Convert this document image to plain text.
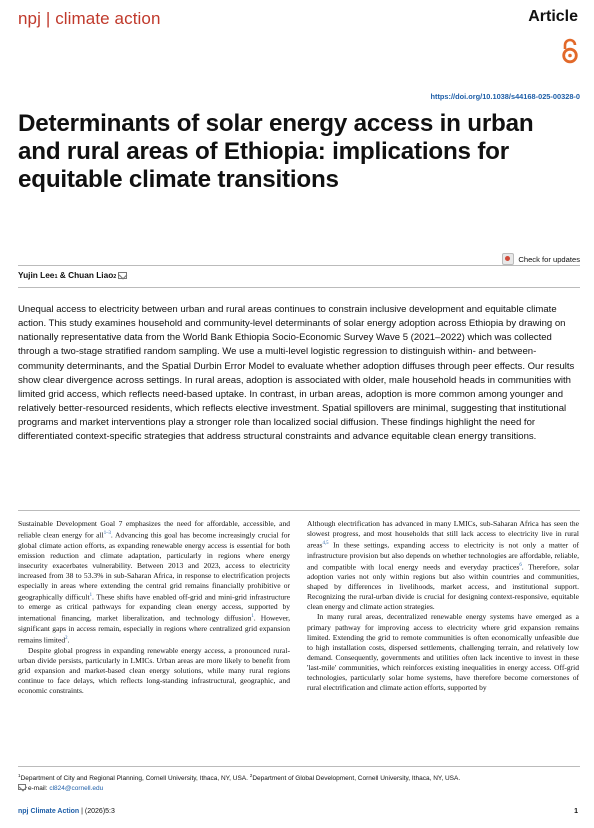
npj | climate action	Article
https://doi.org/10.1038/s44168-025-00328-0
Determinants of solar energy access in urban and rural areas of Ethiopia: implications for equitable climate transitions
Check for updates
Yujin Lee$_1$ & Chuan Liao$_2$

Unequal access to electricity between urban and rural areas continues to constrain inclusive development and equitable climate action. This study examines household and community-level determinants of solar energy adoption across Ethiopia by drawing on nationally representative data from the World Bank Ethiopia Socio-Economic Survey Wave 5 (2021–2022) which was collected through a two-stage stratified random sampling. We use a multi-level logistic regression to distinguish within- and between-community determinants, and the Spatial Durbin Error Model to evaluate whether adoption diffuses through peer effects. Our results show clear divergence across settings. In rural areas, adoption is associated with older, male household heads in communities with limited grid access, which reflects need-based uptake. In contrast, in urban areas, adoption is more common among younger and relatively better-resourced residents, which reflects elective investment. Spatial spillovers are minimal, suggesting that institutional programs and market interventions play a stronger role than localized social diffusion. These findings highlight the need for differentiated context-specific strategies that address structural constraints and advance equitable clean energy transitions.

Sustainable Development Goal 7 emphasizes the need for affordable, accessible, and reliable clean energy for all$^{1-3}$. Advancing this goal has become increasingly crucial for global climate action efforts, as expanding renewable energy access is essential for both emission reduction and climate adaptation, particularly in regions where energy insecurity exacerbates vulnerability. Between 2013 and 2023, access to electricity increased from 38 to 53.3% in sub-Saharan Africa, in response to electrification projects especially in areas where extending the central grid remains financially prohibitive or geographically difficult$^1$. These shifts have enabled off-grid and mini-grid infrastructure to emerge as critical pathways for expanding clean energy access, supported by international financing, market liberalization, and technology diffusion$^1$. However, significant gaps in access remain, especially in regions where centralized grid expansion remains limited$^2$.

Despite global progress in expanding renewable energy access, a pronounced rural-urban divide persists, particularly in LMICs. Urban areas are more likely to benefit from grid expansion and market-based clean energy solutions, while many rural regions continue to face delays, which reflects long-standing infrastructural, geographic, and economic constraints.

Although electrification has advanced in many LMICs, sub-Saharan Africa has seen the slowest progress, and most households that still lack access to electricity live in rural areas$^{4,5}$ In these settings, expanding access to electricity is not only a matter of infrastructure provision but also depends on whether technologies are affordable, reliable, and compatible with local energy needs and everyday practices$^6$. Therefore, solar adoption varies not only within regions but also within countries and communities, shaped by differences in livelihoods, market access, and institutional support. Recognizing the rural-urban divide is crucial for designing context-responsive, equitable clean energy and climate action strategies.

In many rural areas, decentralized renewable energy systems have emerged as a primary pathway for improving access to electricity where grid expansion remains limited. Extending the grid to remote communities is often economically unfeasible due to high installation costs, dispersed settlements, challenging terrain, and relatively low demand. Consequently, governments and utilities often lack incentive to invest in these 'last-mile' communities, which reinforces existing inequalities in energy access. Off-grid technologies, particularly solar home systems, have therefore become cornerstones of rural electrification and climate action efforts, supported by

$^1$Department of City and Regional Planning, Cornell University, Ithaca, NY, USA. $^2$Department of Global Development, Cornell University, Ithaca, NY, USA.
e-mail: cl824@cornell.edu
npj Climate Action | (2026)5:3	1
